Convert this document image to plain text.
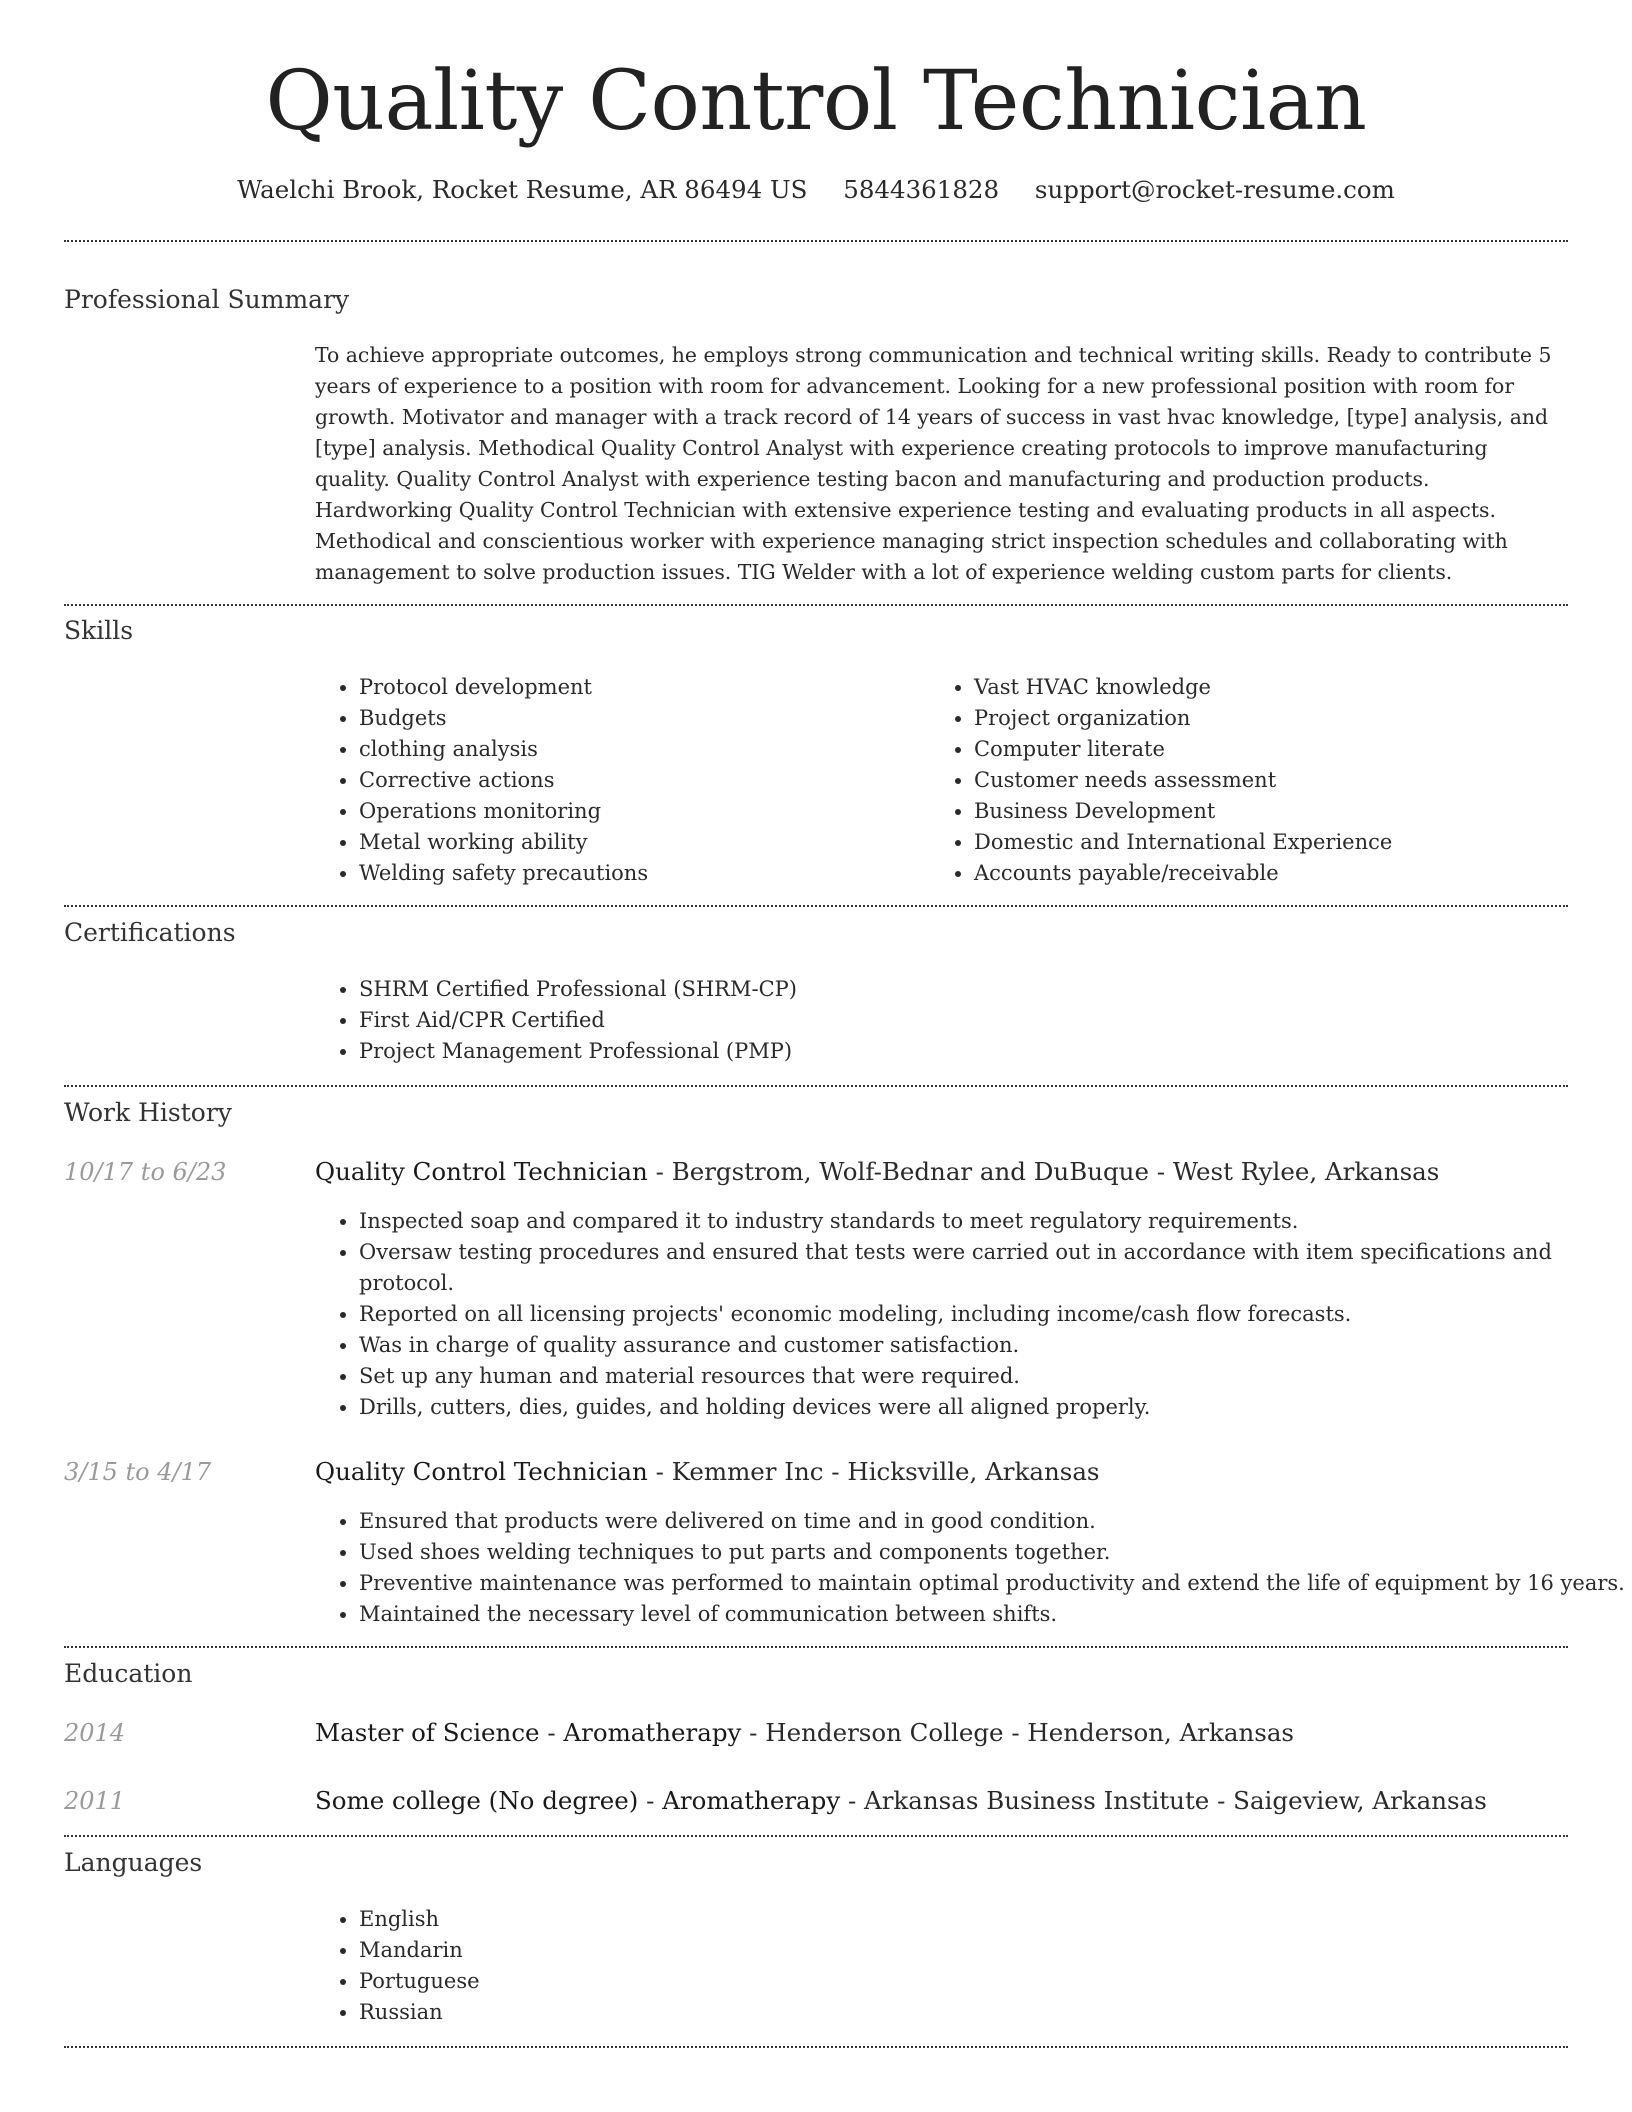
Quality Control Technician
Waelchi Brook, Rocket Resume, AR 86494 US 5844361828 support@rocket-resume.com
Professional Summary
To achieve appropriate outcomes, he employs strong communication and technical writing skills. Ready to contribute 5 years of experience to a position with room for advancement. Looking for a new professional position with room for growth. Motivator and manager with a track record of 14 years of success in vast hvac knowledge, [type] analysis, and [type] analysis. Methodical Quality Control Analyst with experience creating protocols to improve manufacturing quality. Quality Control Analyst with experience testing bacon and manufacturing and production products. Hardworking Quality Control Technician with extensive experience testing and evaluating products in all aspects. Methodical and conscientious worker with experience managing strict inspection schedules and collaborating with management to solve production issues. TIG Welder with a lot of experience welding custom parts for clients.
Skills
• Protocol development
• Budgets
• clothing analysis
• Corrective actions
• Operations monitoring
• Metal working ability
• Welding safety precautions
• Vast HVAC knowledge
• Project organization
• Computer literate
• Customer needs assessment
• Business Development
• Domestic and International Experience
• Accounts payable/receivable
Certifications
• SHRM Certified Professional (SHRM-CP)
• First Aid/CPR Certified
• Project Management Professional (PMP)
Work History
10/17 to 6/23	Quality Control Technician - Bergstrom, Wolf-Bednar and DuBuque - West Rylee, Arkansas
• Inspected soap and compared it to industry standards to meet regulatory requirements.
• Oversaw testing procedures and ensured that tests were carried out in accordance with item specifications and protocol.
• Reported on all licensing projects' economic modeling, including income/cash flow forecasts.
• Was in charge of quality assurance and customer satisfaction.
• Set up any human and material resources that were required.
• Drills, cutters, dies, guides, and holding devices were all aligned properly.
3/15 to 4/17	Quality Control Technician - Kemmer Inc - Hicksville, Arkansas
• Ensured that products were delivered on time and in good condition.
• Used shoes welding techniques to put parts and components together.
• Preventive maintenance was performed to maintain optimal productivity and extend the life of equipment by 16 years.
• Maintained the necessary level of communication between shifts.
Education
2014	Master of Science - Aromatherapy - Henderson College - Henderson, Arkansas
2011	Some college (No degree) - Aromatherapy - Arkansas Business Institute - Saigeview, Arkansas
Languages
• English
• Mandarin
• Portuguese
• Russian
